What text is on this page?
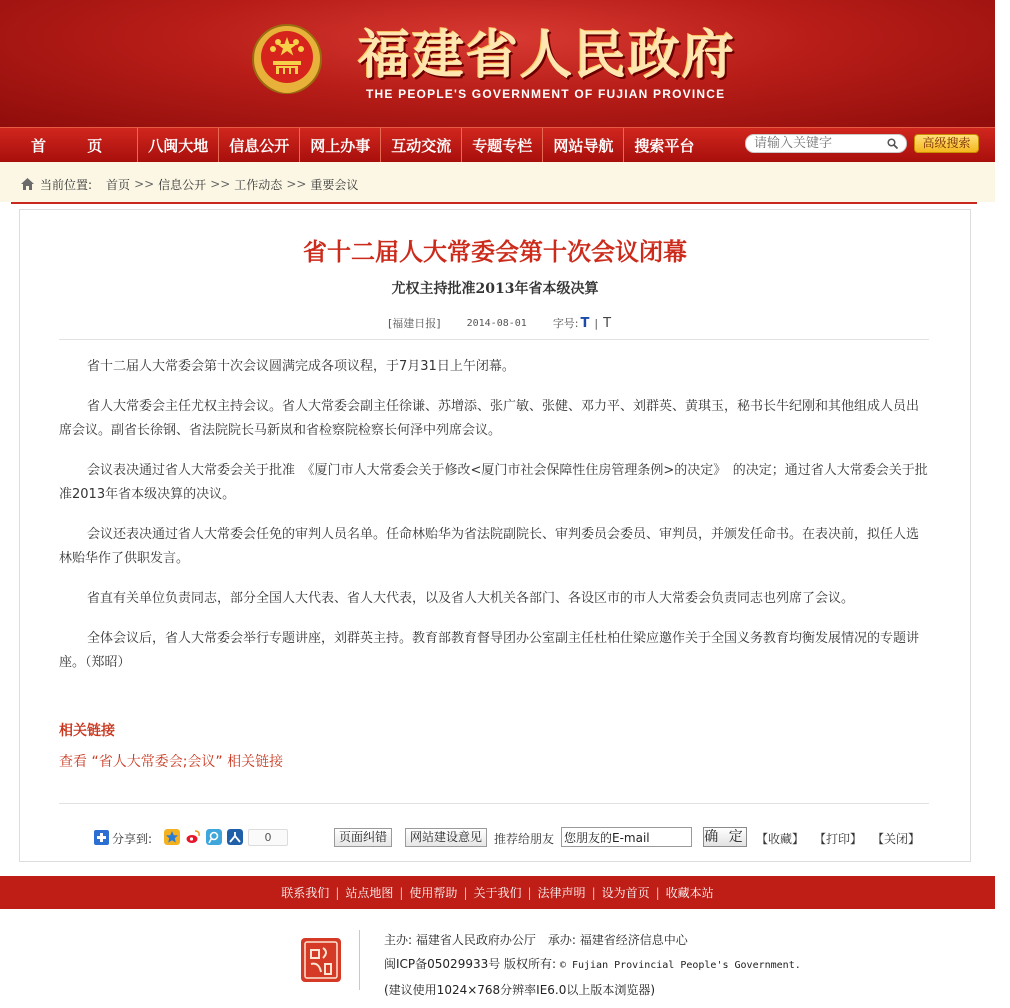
福建省人民政府
THE PEOPLE'S GOVERNMENT OF FUJIAN PROVINCE
首 页	八闽大地	信息公开	网上办事	互动交流	专题专栏	网站导航	搜索平台
请输入关键字	高级搜索
当前位置: 首页 >> 信息公开 >> 工作动态 >> 重要会议
省十二届人大常委会第十次会议闭幕
尤权主持批准2013年省本级决算
[福建日报]	2014-08-01 字号: T | T

省十二届人大常委会第十次会议圆满完成各项议程，于7月31日上午闭幕。

省人大常委会主任尤权主持会议。省人大常委会副主任徐谦、苏增添、张广敏、张健、邓力平、刘群英、黄琪玉，秘书长牛纪刚和其他组成人员出席会议。副省长徐钢、省法院院长马新岚和省检察院检察长何泽中列席会议。

会议表决通过省人大常委会关于批准　《厦门市人大常委会关于修改<厦门市社会保障性住房管理条例>的决定》　的决定；通过省人大常委会关于批准2013年省本级决算的决议。

会议还表决通过省人大常委会任免的审判人员名单。任命林贻华为省法院副院长、审判委员会委员、审判员，并颁发任命书。在表决前，拟任人选林贻华作了供职发言。

省直有关单位负责同志，部分全国人大代表、省人大代表，以及省人大机关各部门、各设区市的市人大常委会负责同志也列席了会议。

全体会议后，省人大常委会举行专题讲座，刘群英主持。教育部教育督导团办公室副主任杜柏仕梁应邀作关于全国义务教育均衡发展情况的专题讲座。（郑昭）

相关链接
查看 “省人大常委会;会议” 相关链接
分享到:	0	页面纠错	网站建设意见	推荐给朋友
您朋友的E-mail	确 定 【收藏】 【打印】 【关闭】
联系我们 | 站点地图 | 使用帮助 | 关于我们 | 法律声明 | 设为首页 | 收藏本站
主办: 福建省人民政府办公厅　承办: 福建省经济信息中心
闽ICP备05029933号 版权所有: © Fujian Provincial People's Government.
(建议使用1024×768分辨率IE6.0以上版本浏览器)
